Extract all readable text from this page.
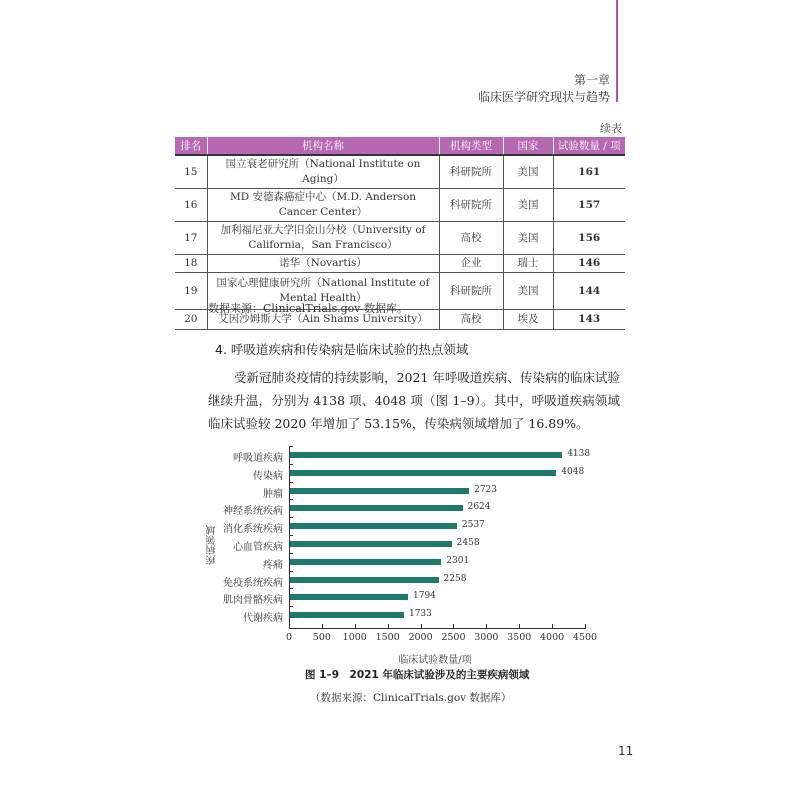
第一章
临床医学研究现状与趋势
续表
排名	机构名称	机构类型	国家	试验数量 / 项
15	国立衰老研究所（National Institute on Aging）	科研院所	美国	161
16	MD 安德森癌症中心（M.D. Anderson Cancer Center）	科研院所	美国	157
17	加利福尼亚大学旧金山分校（University of California，San Francisco）	高校	美国	156
18	诺华（Novartis）	企业	瑞士	146
19	国家心理健康研究所（National Institute of Mental Health）	科研院所	美国	144
20	艾因沙姆斯大学（Ain Shams University）	高校	埃及	143
数据来源：ClinicalTrials.gov 数据库。
4. 呼吸道疾病和传染病是临床试验的热点领域
受新冠肺炎疫情的持续影响，2021 年呼吸道疾病、传染病的临床试验继续升温，分别为 4138 项、4048 项（图 1–9）。其中，呼吸道疾病领域临床试验较 2020 年增加了 53.15%，传染病领域增加了 16.89%。
疾病领域
呼吸道疾病	4138
传染病	4048
肿瘤	2723
神经系统疾病	2624
消化系统疾病	2537
心血管疾病	2458
疼痛	2301
免疫系统疾病	2258
肌肉骨骼疾病	1794
代谢疾病	1733
0	500	1000 1500 2000 2500 3000 3500 4000 4500
临床试验数量/项
图 1–9　2021 年临床试验涉及的主要疾病领域
（数据来源：ClinicalTrials.gov 数据库）
11
